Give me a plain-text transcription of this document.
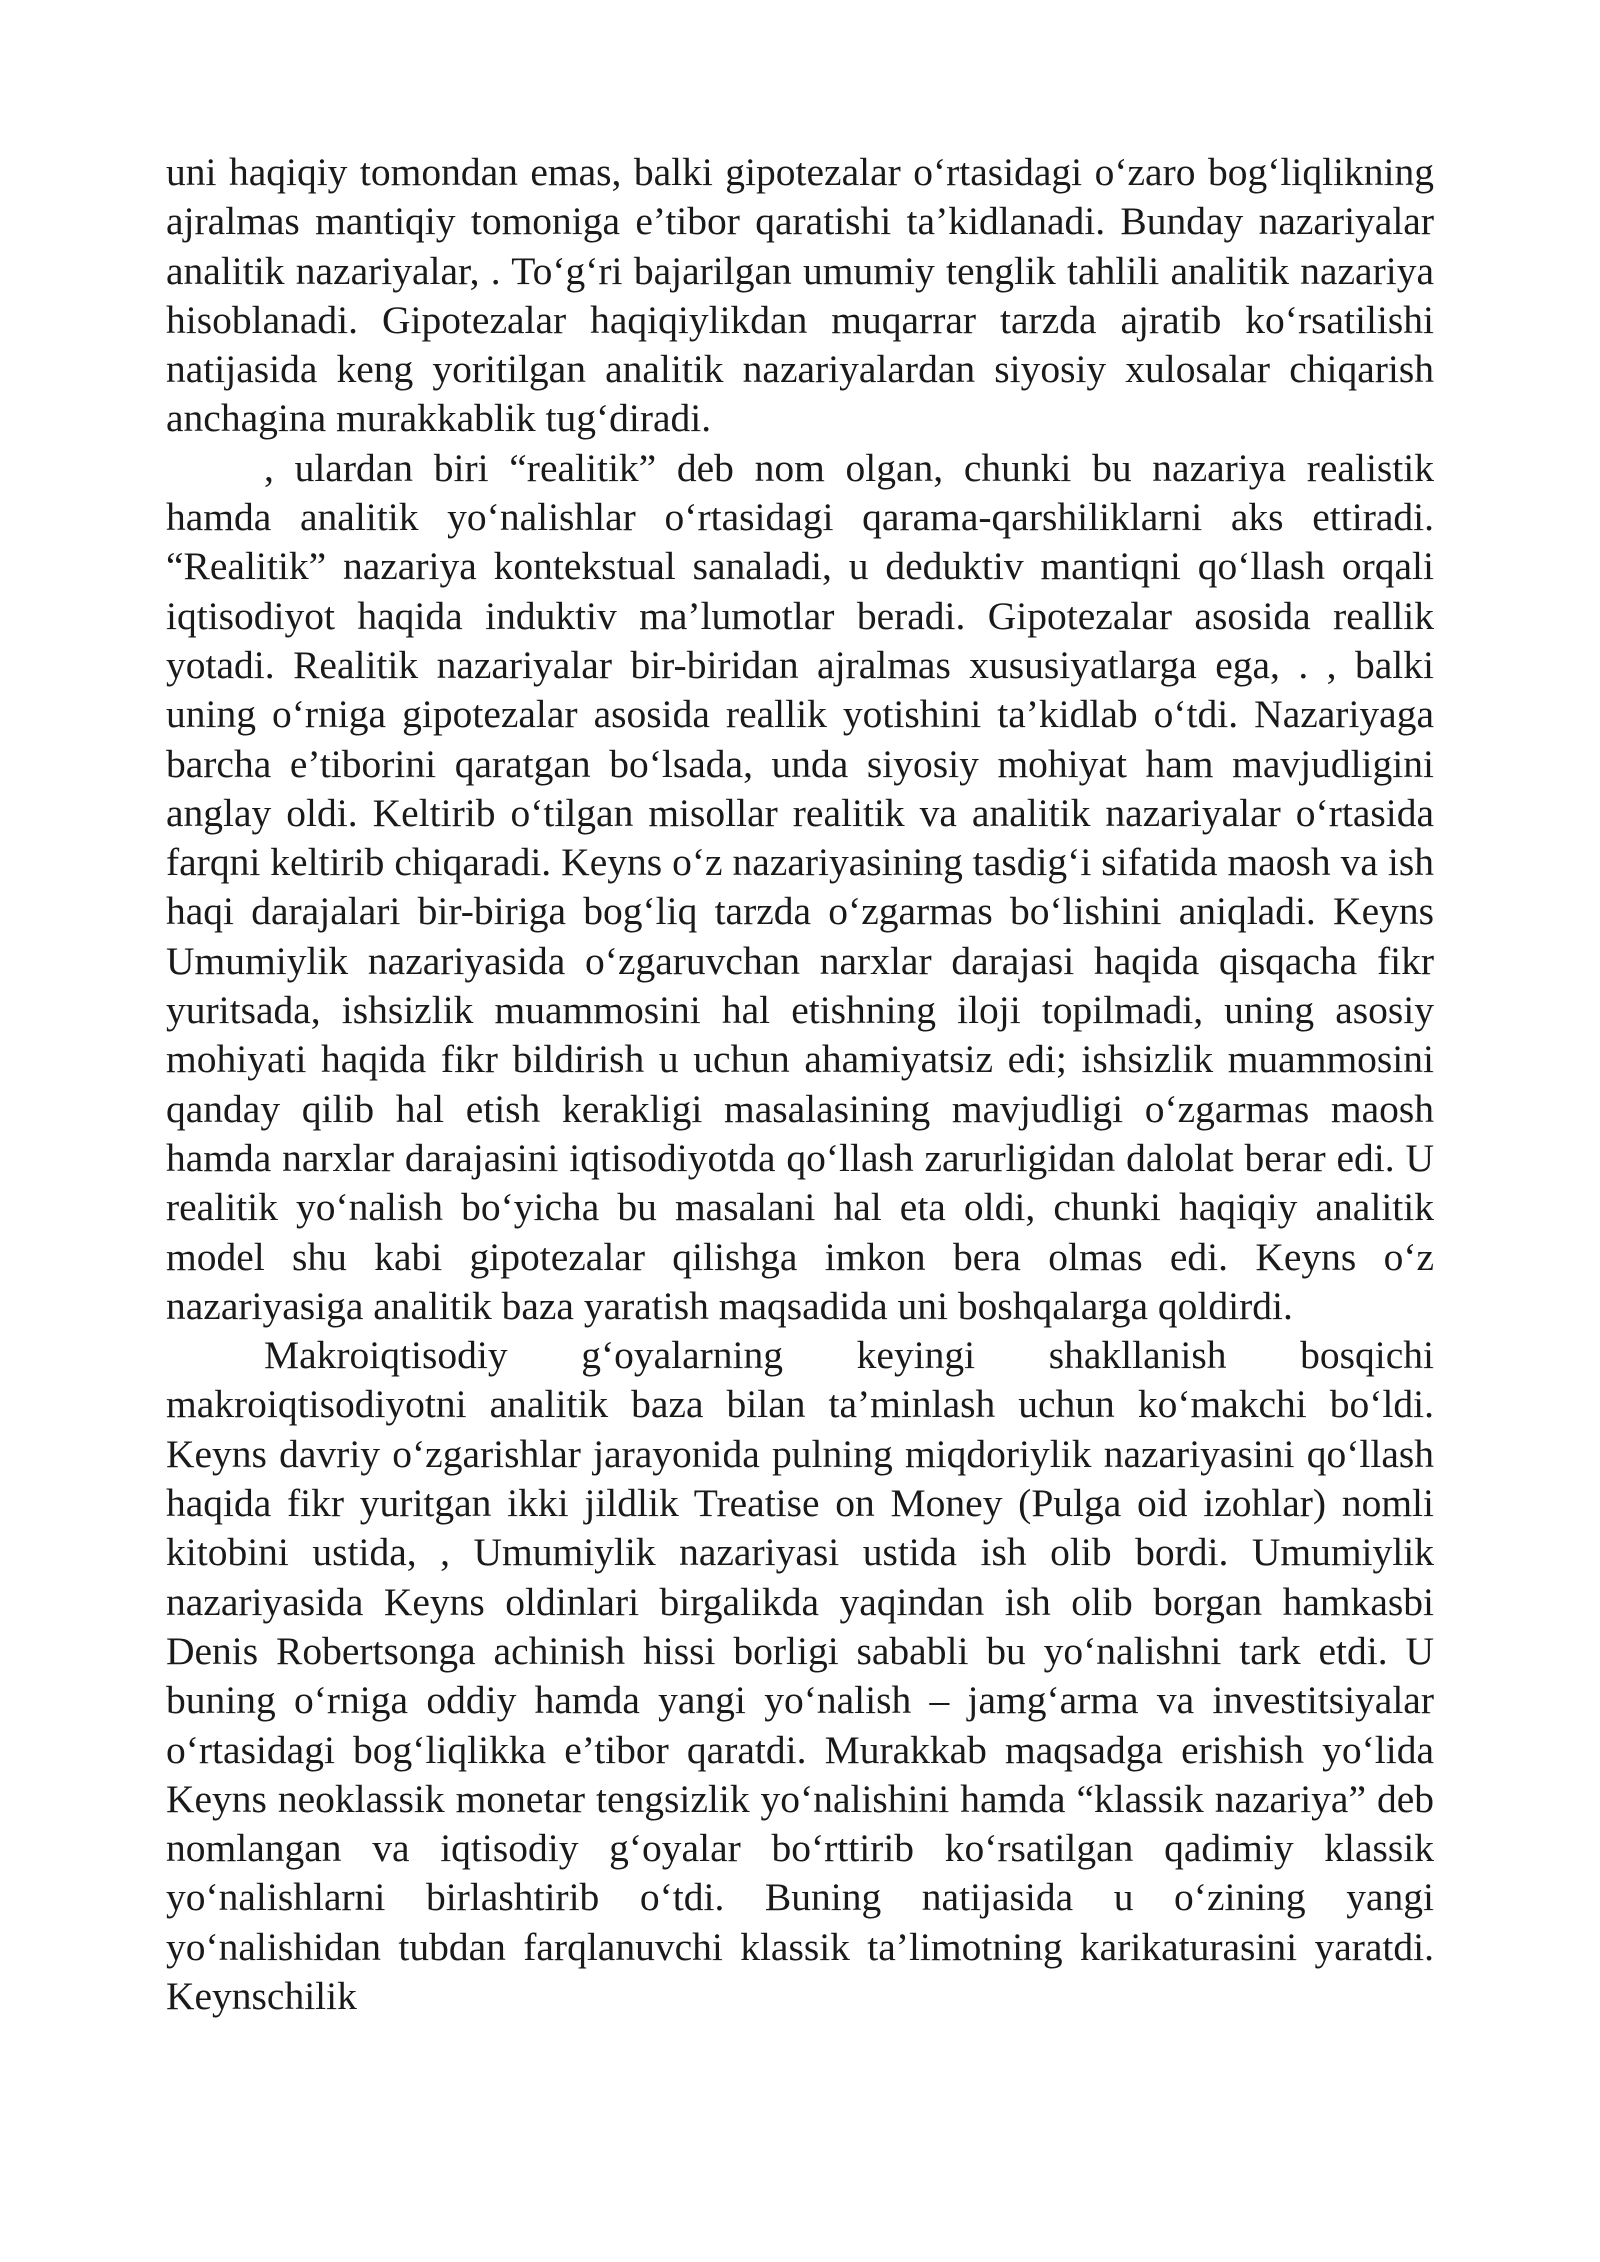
uni haqiqiy tomondan emas, balki gipotezalar o‘rtasidagi o‘zaro bog‘liqlikning ajralmas mantiqiy tomoniga e’tibor qaratishi ta’kidlanadi. Bunday nazariyalar analitik nazariyalar, . To‘g‘ri bajarilgan umumiy tenglik tahlili analitik nazariya hisoblanadi. Gipotezalar haqiqiylikdan muqarrar tarzda ajratib ko‘rsatilishi natijasida keng yoritilgan analitik nazariyalardan siyosiy xulosalar chiqarish anchagina murakkablik tug‘diradi.

, ulardan biri “realitik” deb nom olgan, chunki bu nazariya realistik hamda analitik yo‘nalishlar o‘rtasidagi qarama-qarshiliklarni aks ettiradi. “Realitik” nazariya kontekstual sanaladi, u deduktiv mantiqni qo‘llash orqali iqtisodiyot haqida induktiv ma’lumotlar beradi. Gipotezalar asosida reallik yotadi. Realitik nazariyalar bir-biridan ajralmas xususiyatlarga ega, . , balki uning o‘rniga gipotezalar asosida reallik yotishini ta’kidlab o‘tdi. Nazariyaga barcha e’tiborini qaratgan bo‘lsada, unda siyosiy mohiyat ham mavjudligini anglay oldi. Keltirib o‘tilgan misollar realitik va analitik nazariyalar o‘rtasida farqni keltirib chiqaradi. Keyns o‘z nazariyasining tasdig‘i sifatida maosh va ish haqi darajalari bir-biriga bog‘liq tarzda o‘zgarmas bo‘lishini aniqladi. Keyns Umumiylik nazariyasida o‘zgaruvchan narxlar darajasi haqida qisqacha fikr yuritsada, ishsizlik muammosini hal etishning iloji topilmadi, uning asosiy mohiyati haqida fikr bildirish u uchun ahamiyatsiz edi; ishsizlik muammosini qanday qilib hal etish kerakligi masalasining mavjudligi o‘zgarmas maosh hamda narxlar darajasini iqtisodiyotda qo‘llash zarurligidan dalolat berar edi. U realitik yo‘nalish bo‘yicha bu masalani hal eta oldi, chunki haqiqiy analitik model shu kabi gipotezalar qilishga imkon bera olmas edi. Keyns o‘z nazariyasiga analitik baza yaratish maqsadida uni boshqalarga qoldirdi.

Makroiqtisodiy g‘oyalarning keyingi shakllanish bosqichi makroiqtisodiyotni analitik baza bilan ta’minlash uchun ko‘makchi bo‘ldi. Keyns davriy o‘zgarishlar jarayonida pulning miqdoriylik nazariyasini qo‘llash haqida fikr yuritgan ikki jildlik Treatise on Money (Pulga oid izohlar) nomli kitobini ustida, , Umumiylik nazariyasi ustida ish olib bordi. Umumiylik nazariyasida Keyns oldinlari birgalikda yaqindan ish olib borgan hamkasbi Denis Robertsonga achinish hissi borligi sababli bu yo‘nalishni tark etdi. U buning o‘rniga oddiy hamda yangi yo‘nalish – jamg‘arma va investitsiyalar o‘rtasidagi bog‘liqlikka e’tibor qaratdi. Murakkab maqsadga erishish yo‘lida Keyns neoklassik monetar tengsizlik yo‘nalishini hamda “klassik nazariya” deb nomlangan va iqtisodiy g‘oyalar bo‘rttirib ko‘rsatilgan qadimiy klassik yo‘nalishlarni birlashtirib o‘tdi. Buning natijasida u o‘zining yangi yo‘nalishidan tubdan farqlanuvchi klassik ta’limotning karikaturasini yaratdi. Keynschilik
